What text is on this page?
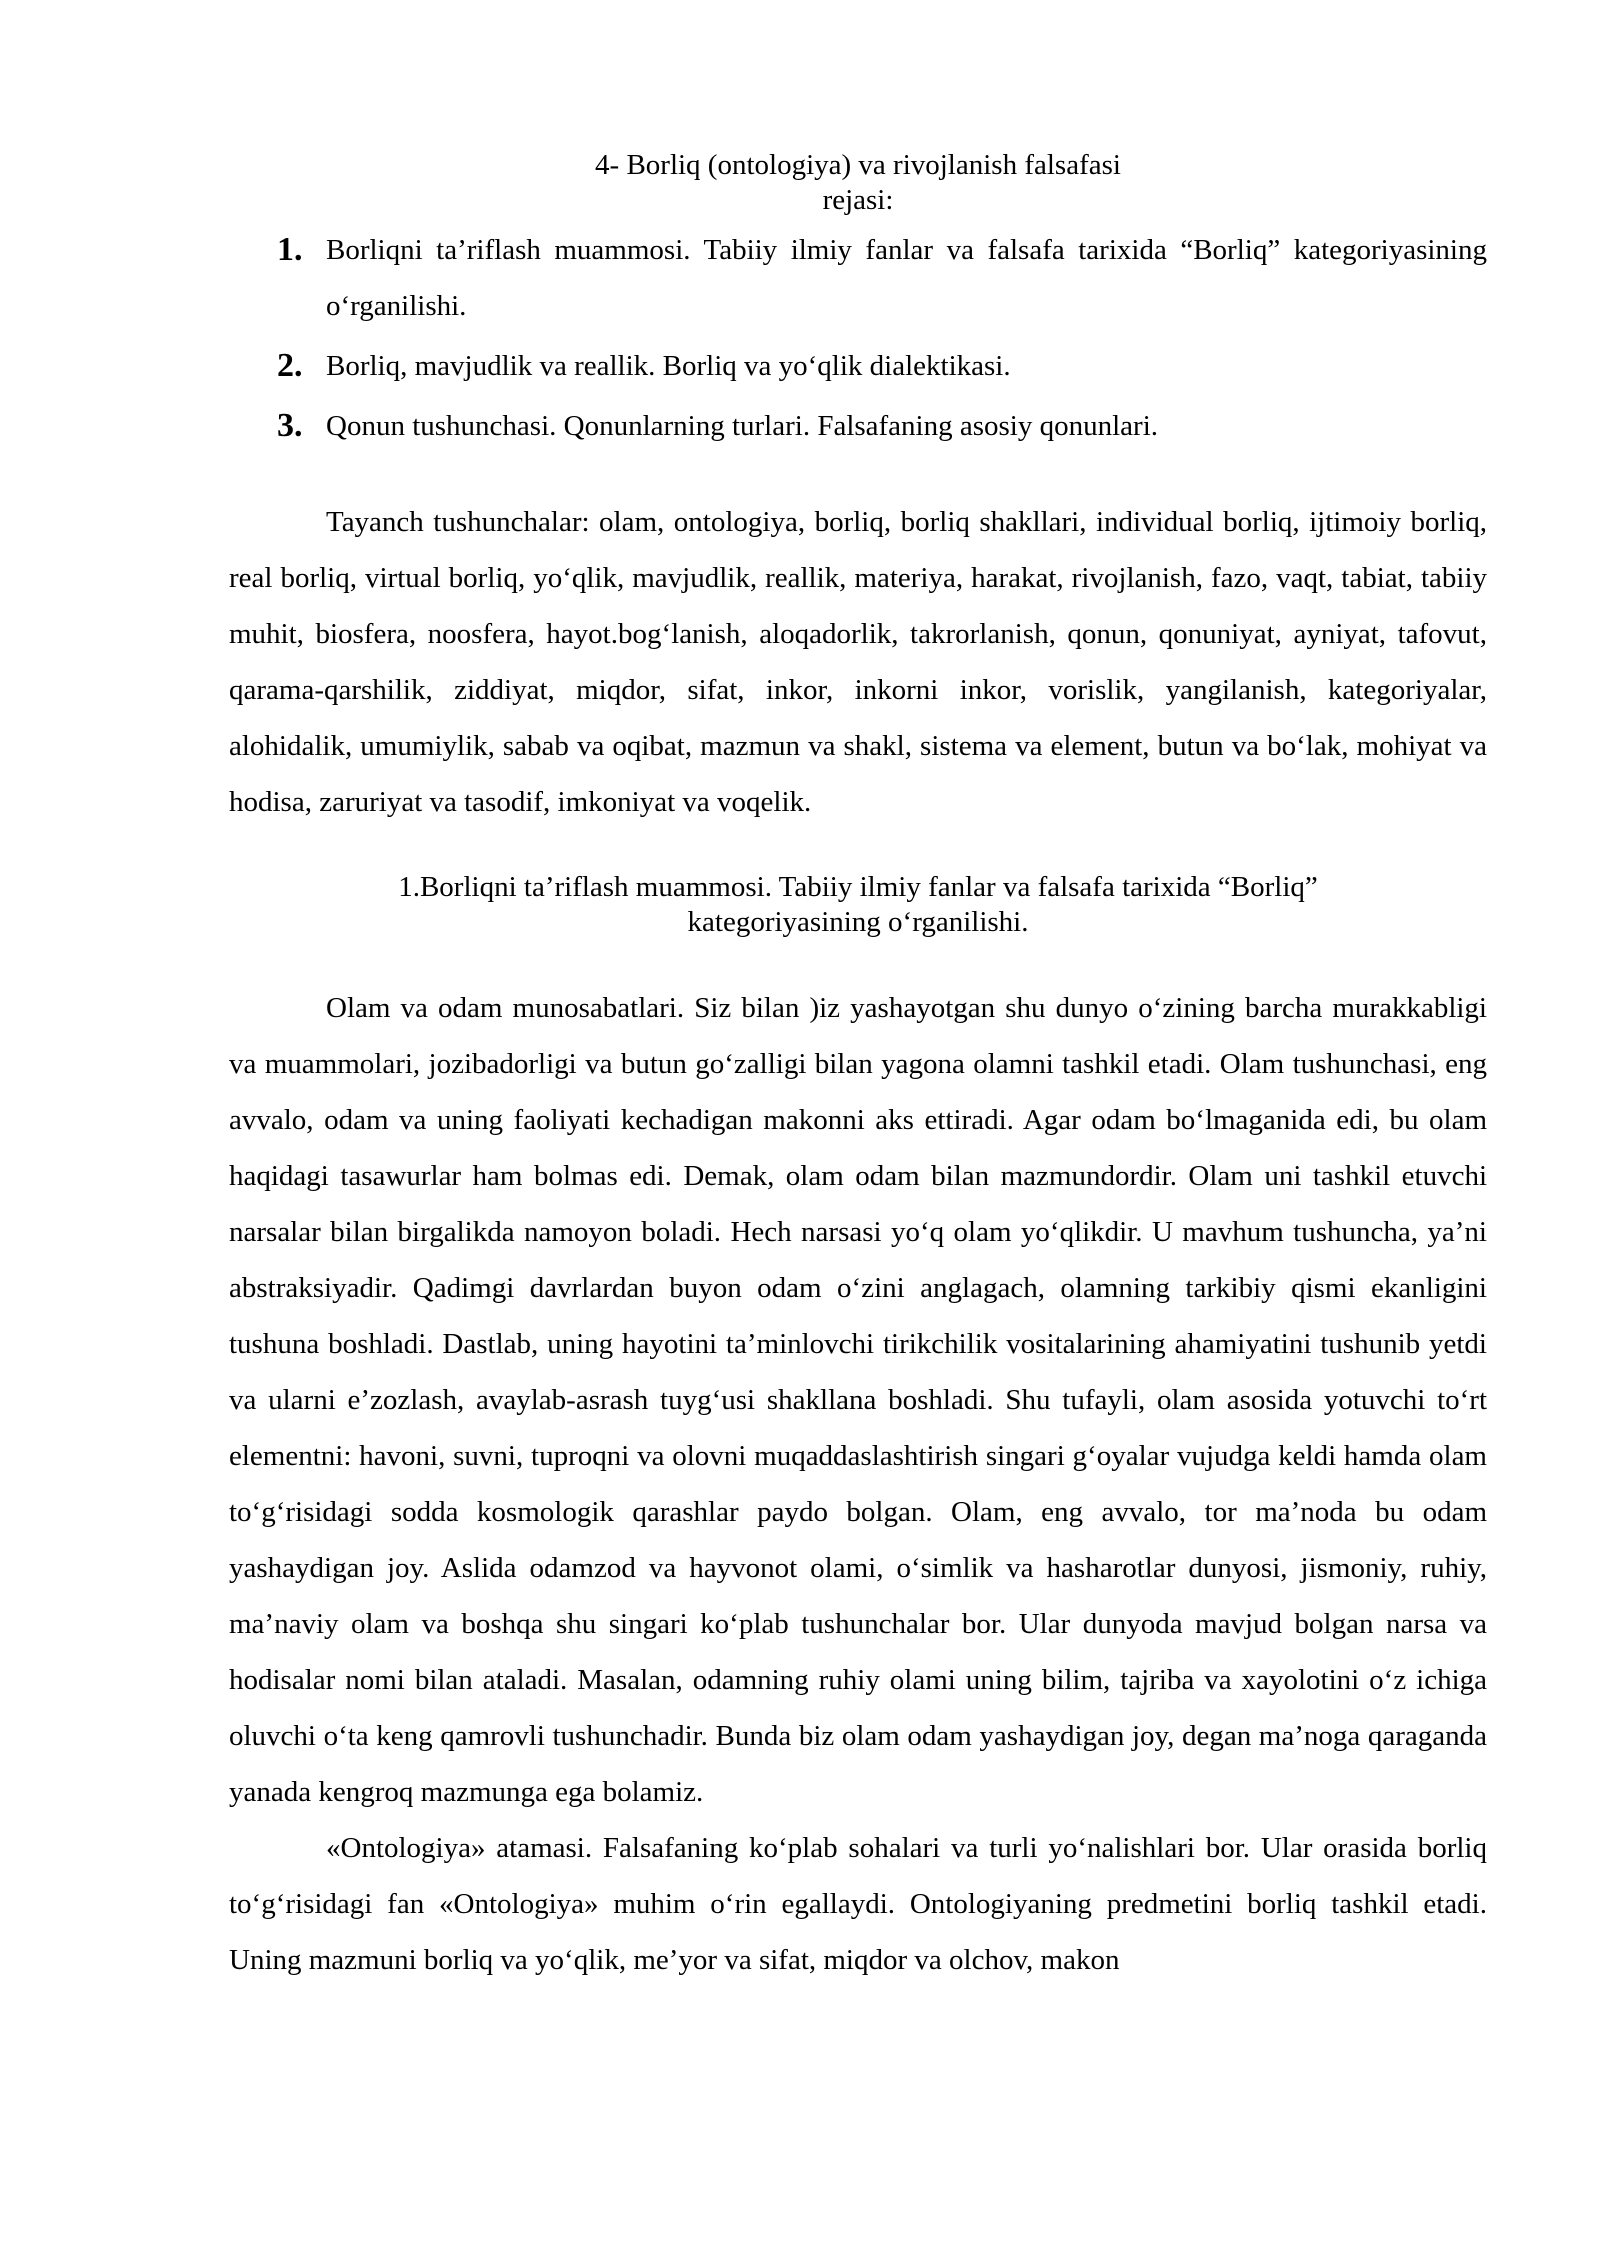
4- Borliq (ontologiya) va rivojlanish falsafasi

rejasi:

1. Borliqni ta’riflash muammosi. Tabiiy ilmiy fanlar va falsafa tarixida “Borliq” kategoriyasining o‘rganilishi.
2. Borliq, mavjudlik va reallik. Borliq va yo‘qlik dialektikasi.
3. Qonun tushunchasi. Qonunlarning turlari. Falsafaning asosiy qonunlari.

Tayanch tushunchalar: olam, ontologiya, borliq, borliq shakllari, individual borliq, ijtimoiy borliq, real borliq, virtual borliq, yo‘qlik, mavjudlik, reallik, materiya, harakat, rivojlanish, fazo, vaqt, tabiat, tabiiy muhit, biosfera, noosfera, hayot.bog‘lanish, aloqadorlik, takrorlanish, qonun, qonuniyat, ayniyat, tafovut, qarama-qarshilik, ziddiyat, miqdor, sifat, inkor, inkorni inkor, vorislik, yangilanish, kategoriyalar, alohidalik, umumiylik, sabab va oqibat, mazmun va shakl, sistema va element, butun va bo‘lak, mohiyat va hodisa, zaruriyat va tasodif, imkoniyat va voqelik.

1.Borliqni ta’riflash muammosi. Tabiiy ilmiy fanlar va falsafa tarixida “Borliq”

kategoriyasining o‘rganilishi.

Olam va odam munosabatlari. Siz bilan )iz yashayotgan shu dunyo o‘zining barcha murakkabligi va muammolari, jozibadorligi va butun go‘zalligi bilan yagona olamni tashkil etadi. Olam tushunchasi, eng avvalo, odam va uning faoliyati kechadigan makonni aks ettiradi. Agar odam bo‘lmaganida edi, bu olam haqidagi tasawurlar ham bolmas edi. Demak, olam odam bilan mazmundordir. Olam uni tashkil etuvchi narsalar bilan birgalikda namoyon boladi. Hech narsasi yo‘q olam yo‘qlikdir. U mavhum tushuncha, ya’ni abstraksiyadir. Qadimgi davrlardan buyon odam o‘zini anglagach, olamning tarkibiy qismi ekanligini tushuna boshladi. Dastlab, uning hayotini ta’minlovchi tirikchilik vositalarining ahamiyatini tushunib yetdi va ularni e’zozlash, avaylab-asrash tuyg‘usi shakllana boshladi. Shu tufayli, olam asosida yotuvchi to‘rt elementni: havoni, suvni, tuproqni va olovni muqaddaslashtirish singari g‘oyalar vujudga keldi hamda olam to‘g‘risidagi sodda kosmologik qarashlar paydo bolgan. Olam, eng avvalo, tor ma’noda bu odam yashaydigan joy. Aslida odamzod va hayvonot olami, o‘simlik va hasharotlar dunyosi, jismoniy, ruhiy, ma’naviy olam va boshqa shu singari ko‘plab tushunchalar bor. Ular dunyoda mavjud bolgan narsa va hodisalar nomi bilan ataladi. Masalan, odamning ruhiy olami uning bilim, tajriba va xayolotini o‘z ichiga oluvchi o‘ta keng qamrovli tushunchadir. Bunda biz olam odam yashaydigan joy, degan ma’noga qaraganda yanada kengroq mazmunga ega bolamiz.

«Ontologiya» atamasi. Falsafaning ko‘plab sohalari va turli yo‘nalishlari bor. Ular orasida borliq to‘g‘risidagi fan «Ontologiya» muhim o‘rin egallaydi. Ontologiyaning predmetini borliq tashkil etadi. Uning mazmuni borliq va yo‘qlik, me’yor va sifat, miqdor va olchov, makon
